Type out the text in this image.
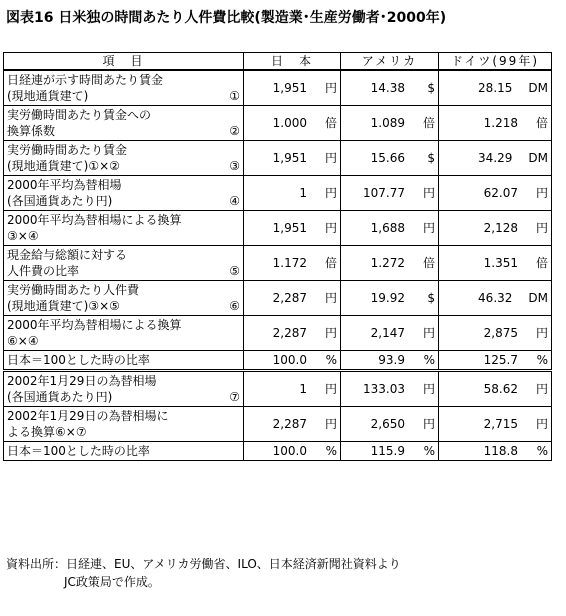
図表16 日米独の時間あたり人件費比較(製造業･生産労働者･2000年)
項　目	日　本	アメリカ	ドイツ(99年)

日経連が示す時間あたり賃金
(現地通貨建て) ①	1,951 円	14.38 $	28.15 DM

実労働時間あたり賃金への
換算係数 ②	1.000 倍	1.089 倍	1.218 倍

実労働時間あたり賃金
(現地通貨建て)①×② ③	1,951 円	15.66 $	34.29 DM

2000年平均為替相場
(各国通貨あたり円) ④	1 円	107.77 円	62.07 円

2000年平均為替相場による換算
③×④	1,951 円	1,688 円	2,128 円

現金給与総額に対する
人件費の比率 ⑤	1.172 倍	1.272 倍	1.351 倍

実労働時間あたり人件費
(現地通貨建て)③×⑤ ⑥	2,287 円	19.92 $	46.32 DM

2000年平均為替相場による換算
⑥×④	2,287 円	2,147 円	2,875 円

日本＝100とした時の比率	100.0 %	93.9 %	125.7 %

2002年1月29日の為替相場
(各国通貨あたり円) ⑦	1 円	133.03 円	58.62 円

2002年1月29日の為替相場に
よる換算⑥×⑦	2,287 円	2,650 円	2,715 円

日本＝100とした時の比率	100.0 %	115.9 %	118.8 %
資料出所：日経連、EU、アメリカ労働省、ILO、日本経済新聞社資料より
JC政策局で作成。
